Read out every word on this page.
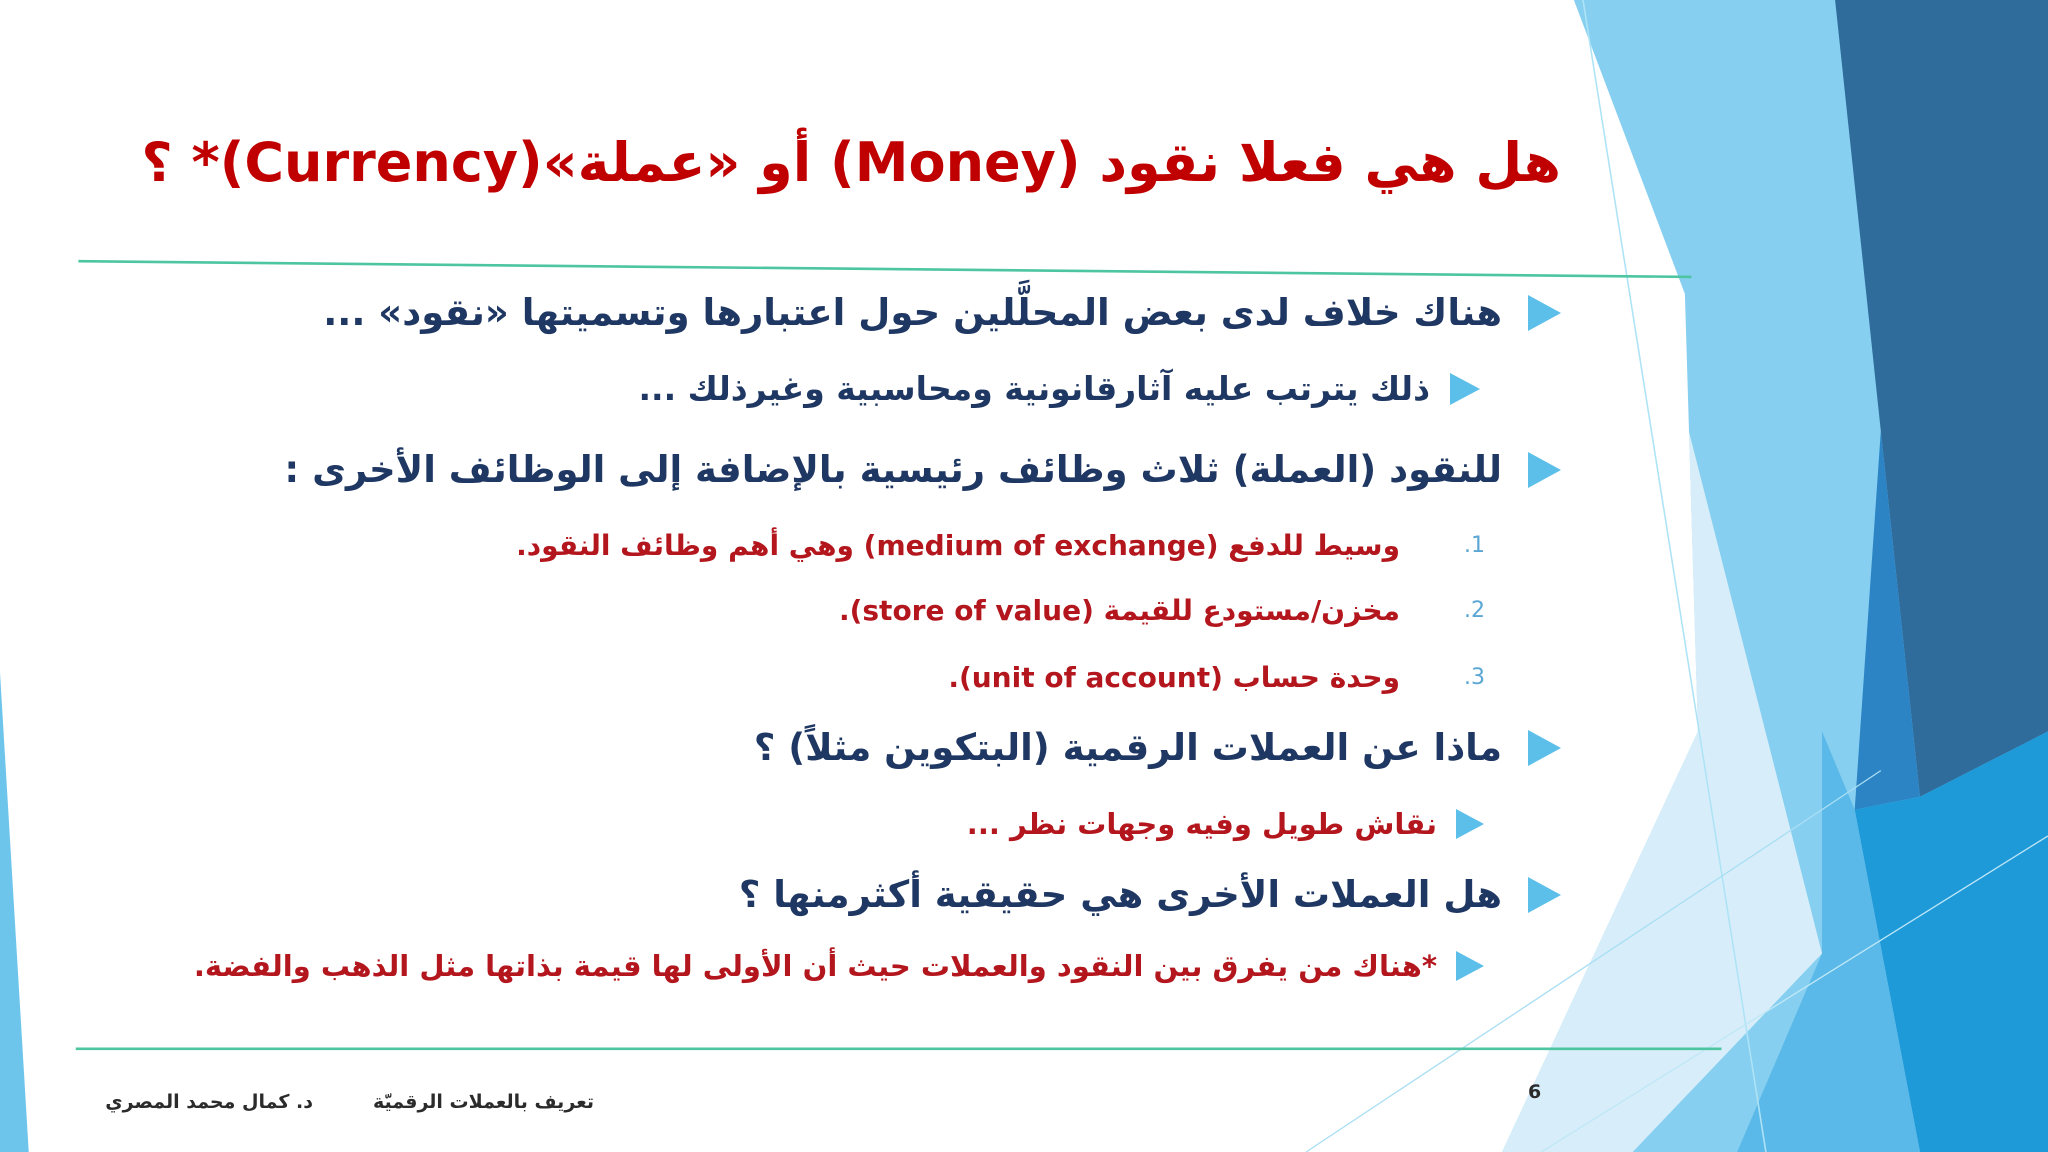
هل هي فعلا نقود (Money) أو «عملة»(Currency)* ؟
هناك خلاف لدى بعض المحلَّلين حول اعتبارها وتسميتها «نقود» ...
ذلك يترتب عليه آثارقانونية ومحاسبية وغيرذلك ...
للنقود (العملة) ثلاث وظائف رئيسية بالإضافة إلى الوظائف الأخرى :
1.
وسيط للدفع (medium of exchange) وهي أهم وظائف النقود.
2.
مخزن/مستودع للقيمة (store of value).
3.
وحدة حساب (unit of account).
ماذا عن العملات الرقمية (البتكوين مثلاً) ؟
نقاش طويل وفيه وجهات نظر ...
هل العملات الأخرى هي حقيقية أكثرمنها ؟
*هناك من يفرق بين النقود والعملات حيث أن الأولى لها قيمة بذاتها مثل الذهب والفضة.
6
تعريف بالعملات الرقميّة
د. كمال محمد المصري
